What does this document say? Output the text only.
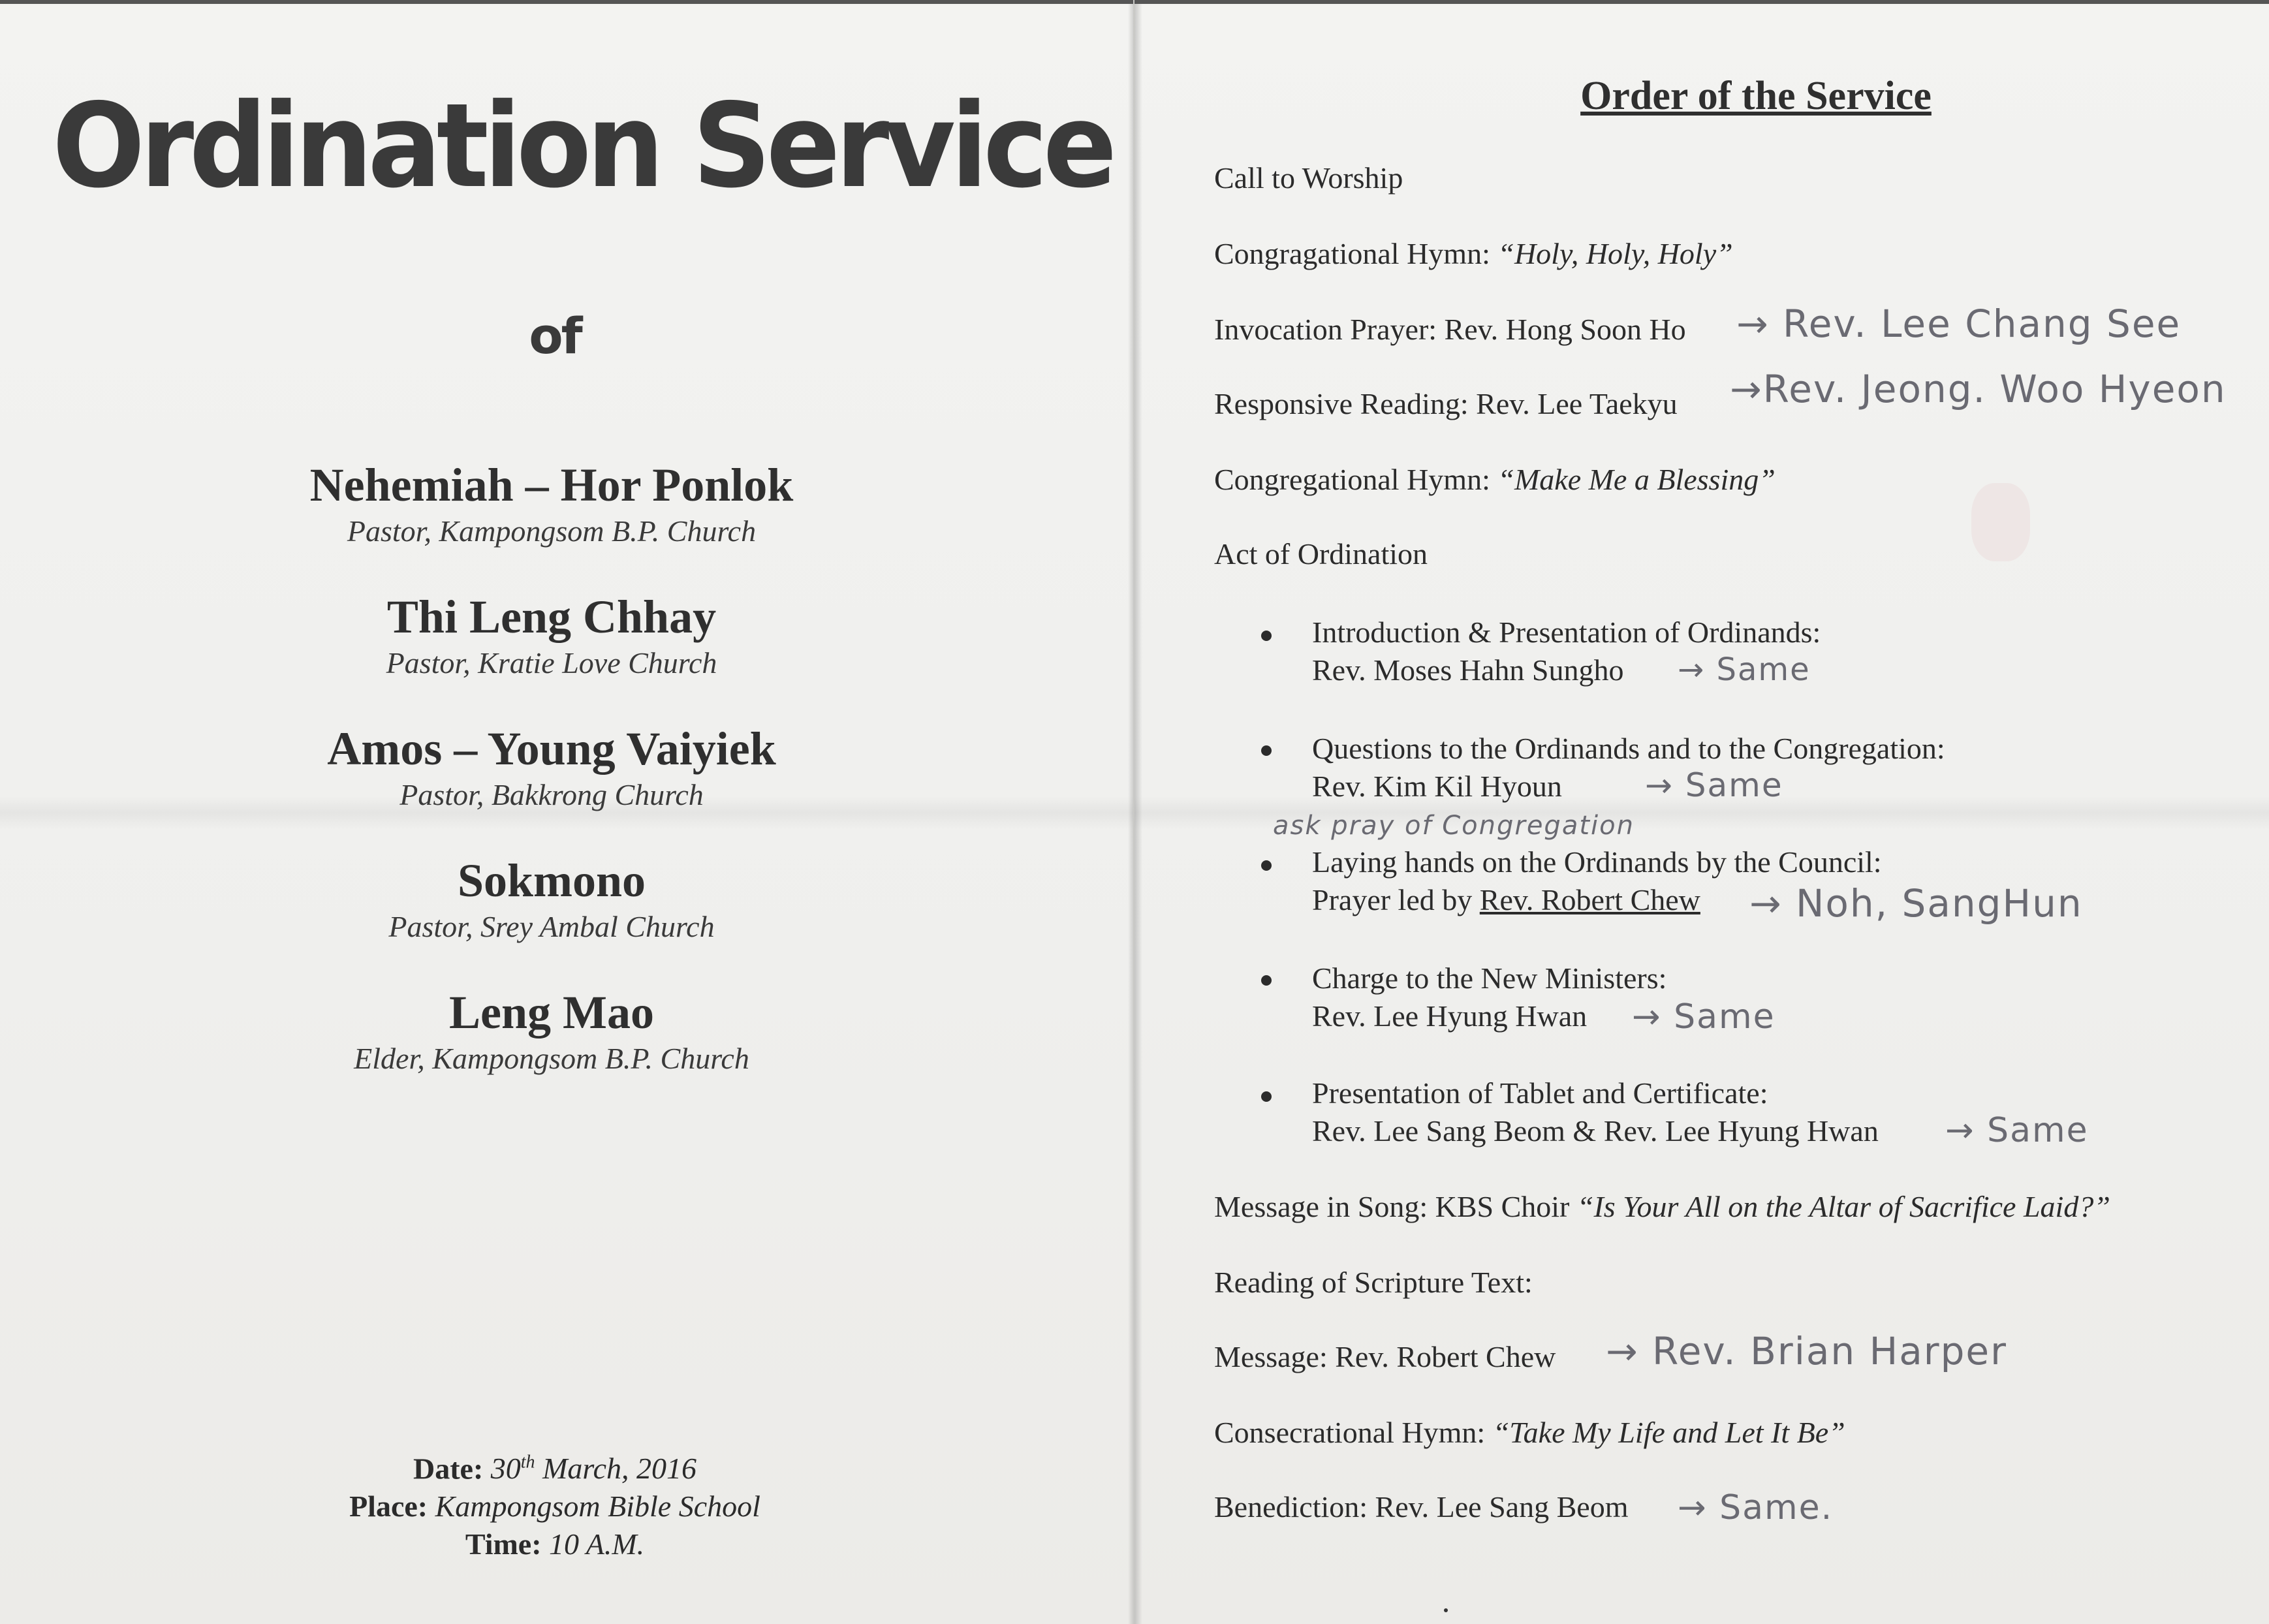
Ordination Service
of
Nehemiah – Hor Ponlok
Pastor, Kampongsom B.P. Church
Thi Leng Chhay
Pastor, Kratie Love Church
Amos – Young Vaiyiek
Pastor, Bakkrong Church
Sokmono
Pastor, Srey Ambal Church
Leng Mao
Elder, Kampongsom B.P. Church
Date: 30th March, 2016
Place: Kampongsom Bible School
Time: 10 A.M.
Order of the Service
Call to Worship
Congragational Hymn: “Holy, Holy, Holy”
Invocation Prayer: Rev. Hong Soon Ho → Rev. Lee Chang See
Responsive Reading: Rev. Lee Taekyu →Rev. Jeong. Woo Hyeon
Congregational Hymn: “Make Me a Blessing”
Act of Ordination
Introduction & Presentation of Ordinands:
Rev. Moses Hahn Sungho → Same
Questions to the Ordinands and to the Congregation:
Rev. Kim Kil Hyoun	→ Same
ask pray of Congregation
Laying hands on the Ordinands by the Council:
Prayer led by Rev. Robert Chew → Noh, SangHun
Charge to the New Ministers:
Rev. Lee Hyung Hwan → Same
Presentation of Tablet and Certificate:
Rev. Lee Sang Beom & Rev. Lee Hyung Hwan → Same
Message in Song: KBS Choir “Is Your All on the Altar of Sacrifice Laid?”
Reading of Scripture Text:
Message: Rev. Robert Chew → Rev. Brian Harper
Consecrational Hymn: “Take My Life and Let It Be”
Benediction: Rev. Lee Sang Beom → Same.
